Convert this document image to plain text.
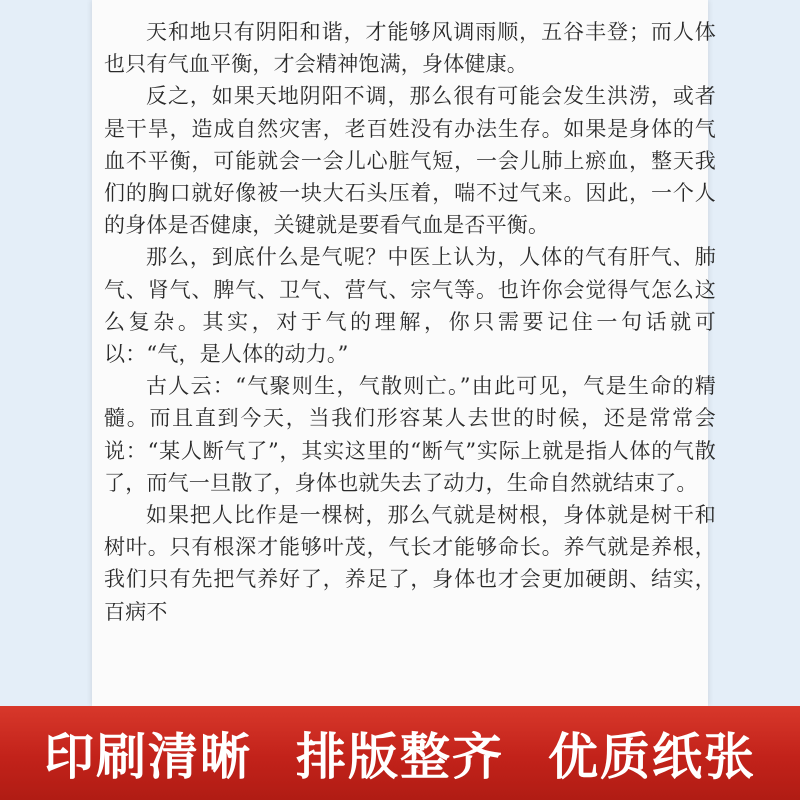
天和地只有阴阳和谐，才能够风调雨顺，五谷丰登；而人体也只有气血平衡，才会精神饱满，身体健康。

反之，如果天地阴阳不调，那么很有可能会发生洪涝，或者是干旱，造成自然灾害，老百姓没有办法生存。如果是身体的气血不平衡，可能就会一会儿心脏气短，一会儿肺上瘀血，整天我们的胸口就好像被一块大石头压着，喘不过气来。因此，一个人的身体是否健康，关键就是要看气血是否平衡。

那么，到底什么是气呢？中医上认为，人体的气有肝气、肺气、肾气、脾气、卫气、营气、宗气等。也许你会觉得气怎么这么复杂。其实，对于气的理解，你只需要记住一句话就可以：“气，是人体的动力。”

古人云：“气聚则生，气散则亡。”由此可见，气是生命的精髓。而且直到今天，当我们形容某人去世的时候，还是常常会说：“某人断气了”，其实这里的“断气”实际上就是指人体的气散了，而气一旦散了，身体也就失去了动力，生命自然就结束了。

如果把人比作是一棵树，那么气就是树根，身体就是树干和树叶。只有根深才能够叶茂，气长才能够命长。养气就是养根，我们只有先把气养好了，养足了，身体也才会更加硬朗、结实，百病不

印刷清晰 排版整齐 优质纸张
